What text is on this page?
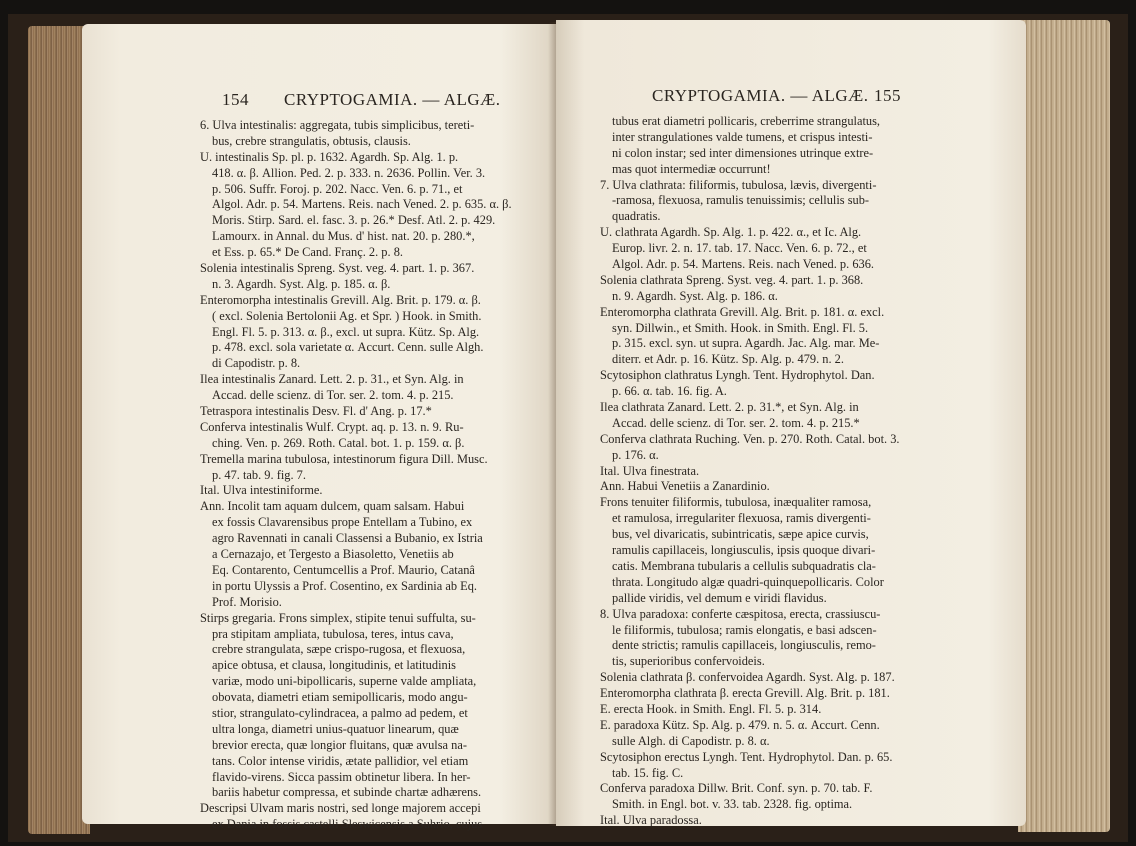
154 CRYPTOGAMIA. — ALGÆ.
6. Ulva intestinalis: aggregata, tubis simplicibus, tereti-
bus, crebre strangulatis, obtusis, clausis.
U. intestinalis Sp. pl. p. 1632. Agardh. Sp. Alg. 1. p.
418. α. β. Allion. Ped. 2. p. 333. n. 2636. Pollin. Ver. 3.
p. 506. Suffr. Foroj. p. 202. Nacc. Ven. 6. p. 71., et
Algol. Adr. p. 54. Martens. Reis. nach Vened. 2. p. 635. α. β.
Moris. Stirp. Sard. el. fasc. 3. p. 26.* Desf. Atl. 2. p. 429.
Lamourx. in Annal. du Mus. d' hist. nat. 20. p. 280.*,
et Ess. p. 65.* De Cand. Franç. 2. p. 8.
Solenia intestinalis Spreng. Syst. veg. 4. part. 1. p. 367.
n. 3. Agardh. Syst. Alg. p. 185. α. β.
Enteromorpha intestinalis Grevill. Alg. Brit. p. 179. α. β.
( excl. Solenia Bertolonii Ag. et Spr. ) Hook. in Smith.
Engl. Fl. 5. p. 313. α. β., excl. ut supra. Kütz. Sp. Alg.
p. 478. excl. sola varietate α. Accurt. Cenn. sulle Algh.
di Capodistr. p. 8.
Ilea intestinalis Zanard. Lett. 2. p. 31., et Syn. Alg. in
Accad. delle scienz. di Tor. ser. 2. tom. 4. p. 215.
Tetraspora intestinalis Desv. Fl. d' Ang. p. 17.*
Conferva intestinalis Wulf. Crypt. aq. p. 13. n. 9. Ru-
ching. Ven. p. 269. Roth. Catal. bot. 1. p. 159. α. β.
Tremella marina tubulosa, intestinorum figura Dill. Musc.
p. 47. tab. 9. fig. 7.
Ital. Ulva intestiniforme.
Ann. Incolit tam aquam dulcem, quam salsam. Habui
ex fossis Clavarensibus prope Entellam a Tubino, ex
agro Ravennati in canali Classensi a Bubanio, ex Istria
a Cernazajo, et Tergesto a Biasoletto, Venetiis ab
Eq. Contarento, Centumcellis a Prof. Maurio, Catanâ
in portu Ulyssis a Prof. Cosentino, ex Sardinia ab Eq.
Prof. Morisio.
Stirps gregaria. Frons simplex, stipite tenui suffulta, su-
pra stipitam ampliata, tubulosa, teres, intus cava,
crebre strangulata, sæpe crispo-rugosa, et flexuosa,
apice obtusa, et clausa, longitudinis, et latitudinis
variæ, modo uni-bipollicaris, superne valde ampliata,
obovata, diametri etiam semipollicaris, modo angu-
stior, strangulato-cylindracea, a palmo ad pedem, et
ultra longa, diametri unius-quatuor linearum, quæ
brevior erecta, quæ longior fluitans, quæ avulsa na-
tans. Color intense viridis, ætate pallidior, vel etiam
flavido-virens. Sicca passim obtinetur libera. In her-
bariis habetur compressa, et subinde chartæ adhærens.
Descripsi Ulvam maris nostri, sed longe majorem accepi
ex Dania in fossis castelli Sleswicensis a Suhrio, cujus
CRYPTOGAMIA. — ALGÆ. 155
tubus erat diametri pollicaris, creberrime strangulatus,
inter strangulationes valde tumens, et crispus intesti-
ni colon instar; sed inter dimensiones utrinque extre-
mas quot intermediæ occurrunt!
7. Ulva clathrata: filiformis, tubulosa, lævis, divergenti-
-ramosa, flexuosa, ramulis tenuissimis; cellulis sub-
quadratis.
U. clathrata Agardh. Sp. Alg. 1. p. 422. α., et Ic. Alg.
Europ. livr. 2. n. 17. tab. 17. Nacc. Ven. 6. p. 72., et
Algol. Adr. p. 54. Martens. Reis. nach Vened. p. 636.
Solenia clathrata Spreng. Syst. veg. 4. part. 1. p. 368.
n. 9. Agardh. Syst. Alg. p. 186. α.
Enteromorpha clathrata Grevill. Alg. Brit. p. 181. α. excl.
syn. Dillwin., et Smith. Hook. in Smith. Engl. Fl. 5.
p. 315. excl. syn. ut supra. Agardh. Jac. Alg. mar. Me-
diterr. et Adr. p. 16. Kütz. Sp. Alg. p. 479. n. 2.
Scytosiphon clathratus Lyngh. Tent. Hydrophytol. Dan.
p. 66. α. tab. 16. fig. A.
Ilea clathrata Zanard. Lett. 2. p. 31.*, et Syn. Alg. in
Accad. delle scienz. di Tor. ser. 2. tom. 4. p. 215.*
Conferva clathrata Ruching. Ven. p. 270. Roth. Catal. bot. 3.
p. 176. α.
Ital. Ulva finestrata.
Ann. Habui Venetiis a Zanardinio.
Frons tenuiter filiformis, tubulosa, inæqualiter ramosa,
et ramulosa, irregulariter flexuosa, ramis divergenti-
bus, vel divaricatis, subintricatis, sæpe apice curvis,
ramulis capillaceis, longiusculis, ipsis quoque divari-
catis. Membrana tubularis a cellulis subquadratis cla-
thrata. Longitudo algæ quadri-quinquepollicaris. Color
pallide viridis, vel demum e viridi flavidus.
8. Ulva paradoxa: conferte cæspitosa, erecta, crassiuscu-
le filiformis, tubulosa; ramis elongatis, e basi adscen-
dente strictis; ramulis capillaceis, longiusculis, remo-
tis, superioribus confervoideis.
Solenia clathrata β. confervoidea Agardh. Syst. Alg. p. 187.
Enteromorpha clathrata β. erecta Grevill. Alg. Brit. p. 181.
E. erecta Hook. in Smith. Engl. Fl. 5. p. 314.
E. paradoxa Kütz. Sp. Alg. p. 479. n. 5. α. Accurt. Cenn.
sulle Algh. di Capodistr. p. 8. α.
Scytosiphon erectus Lyngh. Tent. Hydrophytol. Dan. p. 65.
tab. 15. fig. C.
Conferva paradoxa Dillw. Brit. Conf. syn. p. 70. tab. F.
Smith. in Engl. bot. v. 33. tab. 2328. fig. optima.
Ital. Ulva paradossa.
